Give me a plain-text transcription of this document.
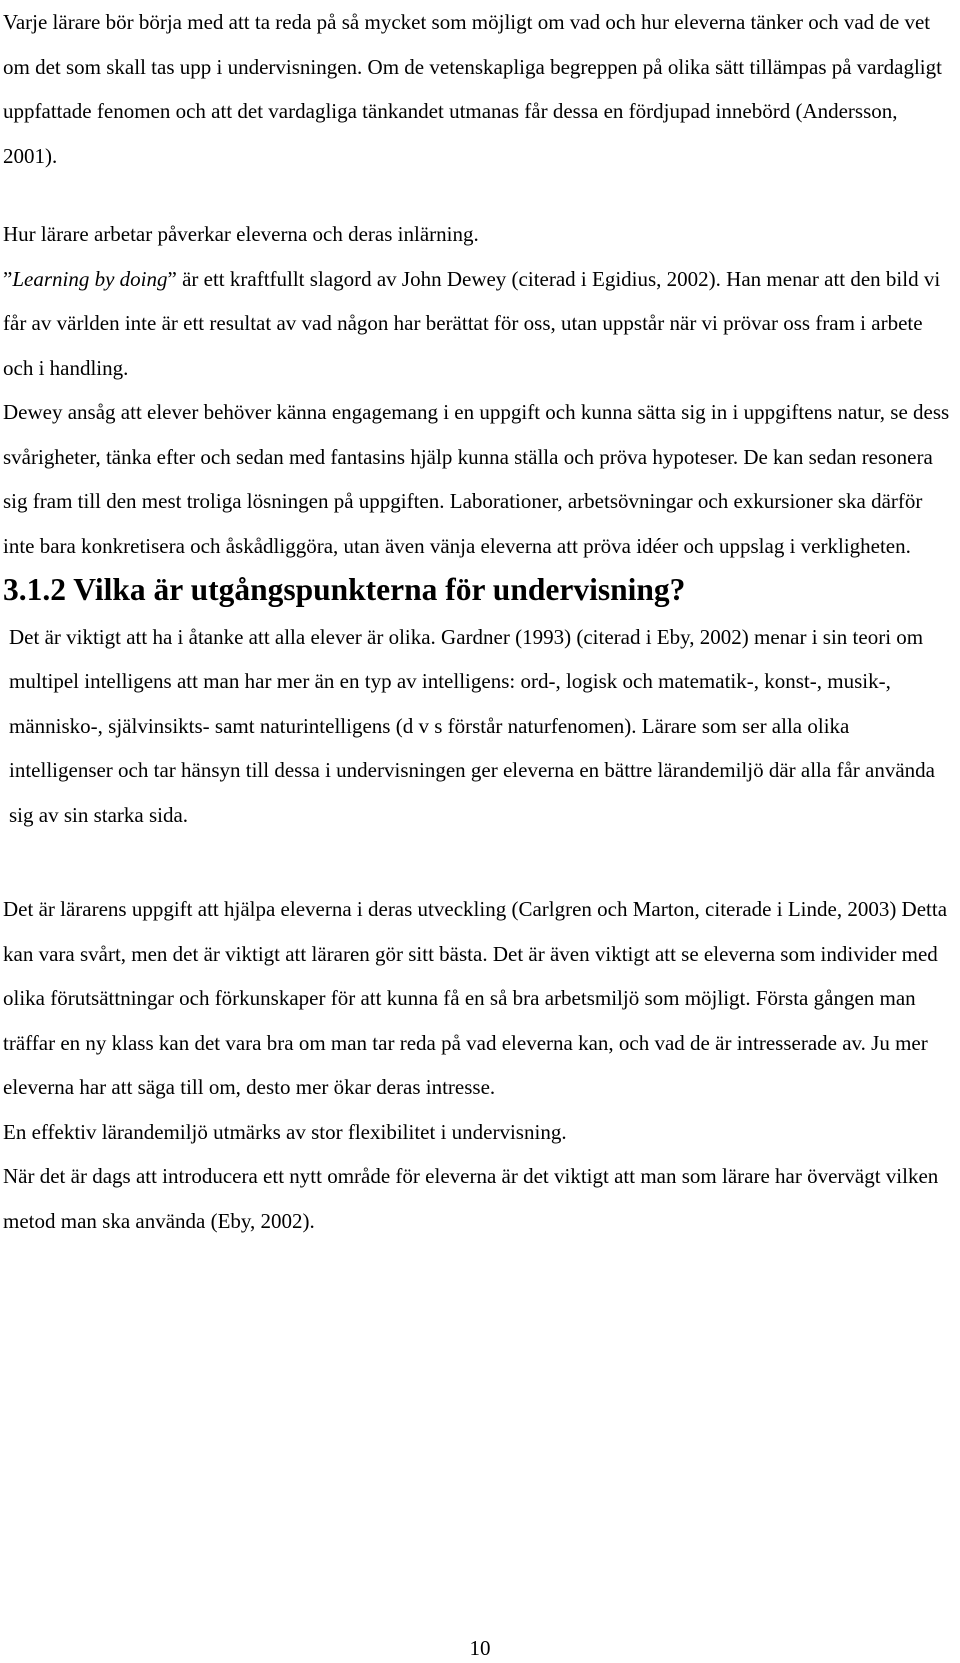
Varje lärare bör börja med att ta reda på så mycket som möjligt om vad och hur eleverna tänker och vad de vet om det som skall tas upp i undervisningen. Om de vetenskapliga begreppen på olika sätt tillämpas på vardagligt uppfattade fenomen och att det vardagliga tänkandet utmanas får dessa en fördjupad innebörd (Andersson, 2001).

Hur lärare arbetar påverkar eleverna och deras inlärning.

”Learning by doing” är ett kraftfullt slagord av John Dewey (citerad i Egidius, 2002). Han menar att den bild vi får av världen inte är ett resultat av vad någon har berättat för oss, utan uppstår när vi prövar oss fram i arbete och i handling.

Dewey ansåg att elever behöver känna engagemang i en uppgift och kunna sätta sig in i uppgiftens natur, se dess svårigheter, tänka efter och sedan med fantasins hjälp kunna ställa och pröva hypoteser. De kan sedan resonera sig fram till den mest troliga lösningen på uppgiften. Laborationer, arbetsövningar och exkursioner ska därför inte bara konkretisera och åskådliggöra, utan även vänja eleverna att pröva idéer och uppslag i verkligheten.

3.1.2 Vilka är utgångspunkterna för undervisning?

Det är viktigt att ha i åtanke att alla elever är olika. Gardner (1993) (citerad i Eby, 2002) menar i sin teori om multipel intelligens att man har mer än en typ av intelligens: ord-, logisk och matematik-, konst-, musik-, människo-, självinsikts- samt naturintelligens (d v s förstår naturfenomen). Lärare som ser alla olika intelligenser och tar hänsyn till dessa i undervisningen ger eleverna en bättre lärandemiljö där alla får använda sig av sin starka sida.

Det är lärarens uppgift att hjälpa eleverna i deras utveckling (Carlgren och Marton, citerade i Linde, 2003) Detta kan vara svårt, men det är viktigt att läraren gör sitt bästa. Det är även viktigt att se eleverna som individer med olika förutsättningar och förkunskaper för att kunna få en så bra arbetsmiljö som möjligt. Första gången man träffar en ny klass kan det vara bra om man tar reda på vad eleverna kan, och vad de är intresserade av. Ju mer eleverna har att säga till om, desto mer ökar deras intresse.

En effektiv lärandemiljö utmärks av stor flexibilitet i undervisning.

När det är dags att introducera ett nytt område för eleverna är det viktigt att man som lärare har övervägt vilken metod man ska använda (Eby, 2002).

10
